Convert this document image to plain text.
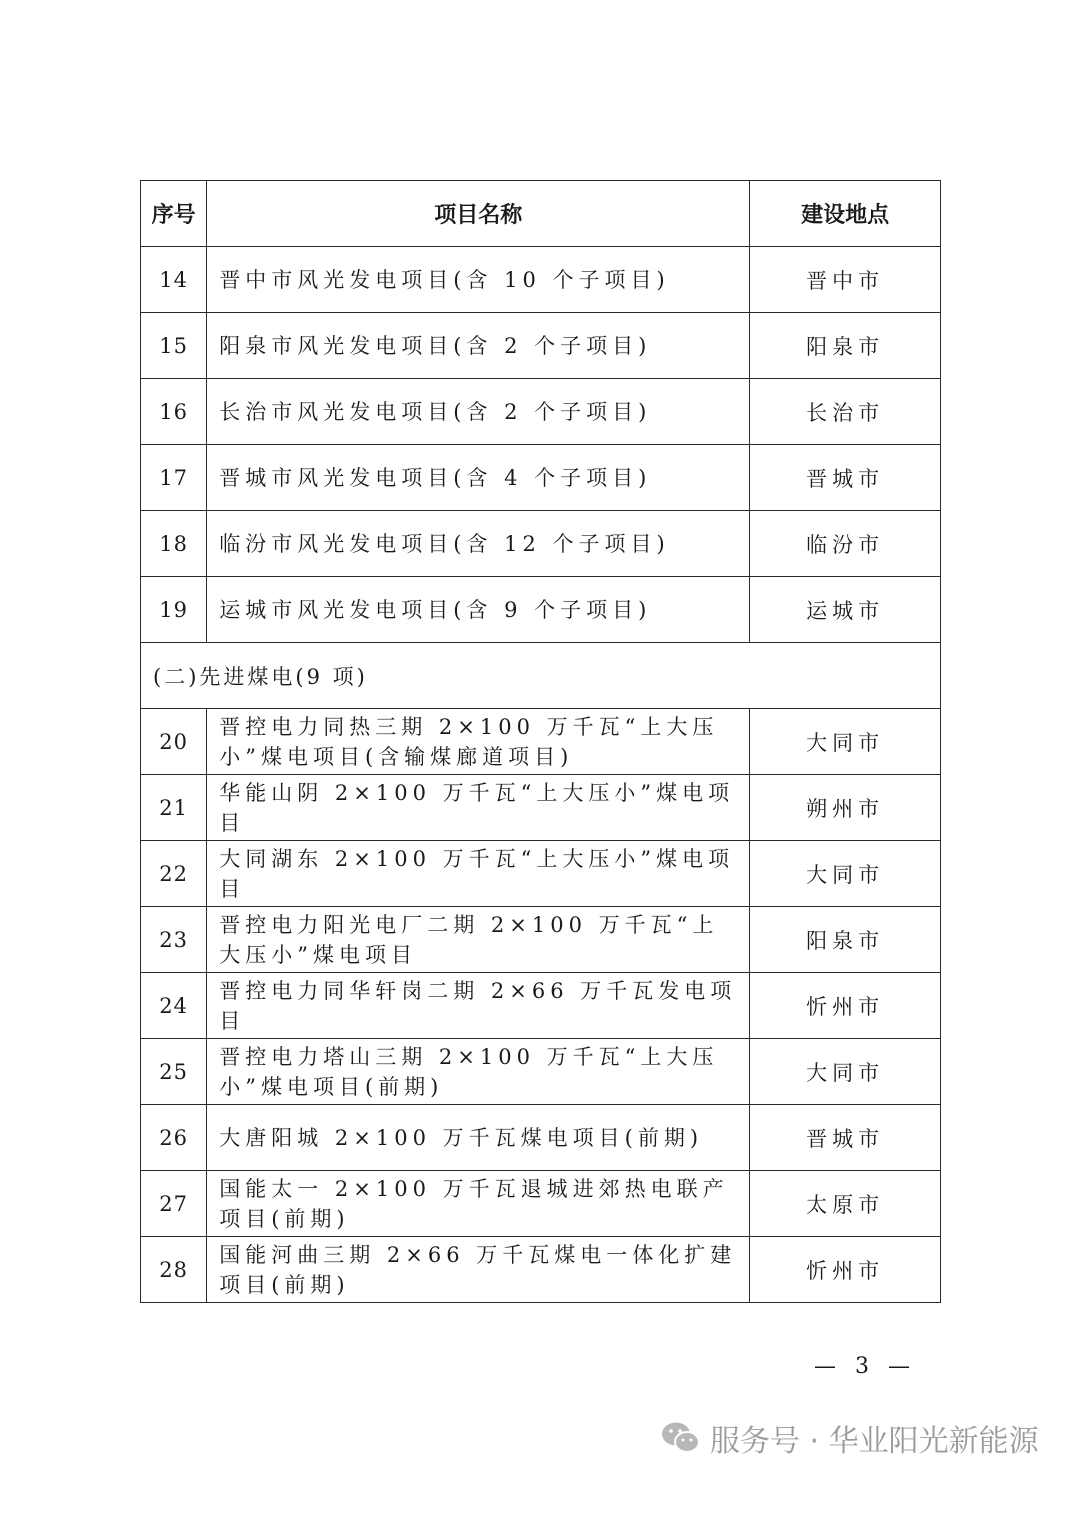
序号	项目名称	建设地点
14	晋中市风光发电项目(含 10 个子项目)	晋中市
15	阳泉市风光发电项目(含 2 个子项目)	阳泉市
16	长治市风光发电项目(含 2 个子项目)	长治市
17	晋城市风光发电项目(含 4 个子项目)	晋城市
18	临汾市风光发电项目(含 12 个子项目)	临汾市
19	运城市风光发电项目(含 9 个子项目)	运城市
(二)先进煤电(9 项)		
20	晋控电力同热三期 2×100 万千瓦“上大压小”煤电项目(含输煤廊道项目)	大同市
21	华能山阴 2×100 万千瓦“上大压小”煤电项目	朔州市
22	大同湖东 2×100 万千瓦“上大压小”煤电项目	大同市
23	晋控电力阳光电厂二期 2×100 万千瓦“上大压小”煤电项目	阳泉市
24	晋控电力同华轩岗二期 2×66 万千瓦发电项目	忻州市
25	晋控电力塔山三期 2×100 万千瓦“上大压小”煤电项目(前期)	大同市
26	大唐阳城 2×100 万千瓦煤电项目(前期)	晋城市
27	国能太一 2×100 万千瓦退城进郊热电联产项目(前期)	太原市
28	国能河曲三期 2×66 万千瓦煤电一体化扩建项目(前期)	忻州市
— 3 —
服务号 · 华业阳光新能源
